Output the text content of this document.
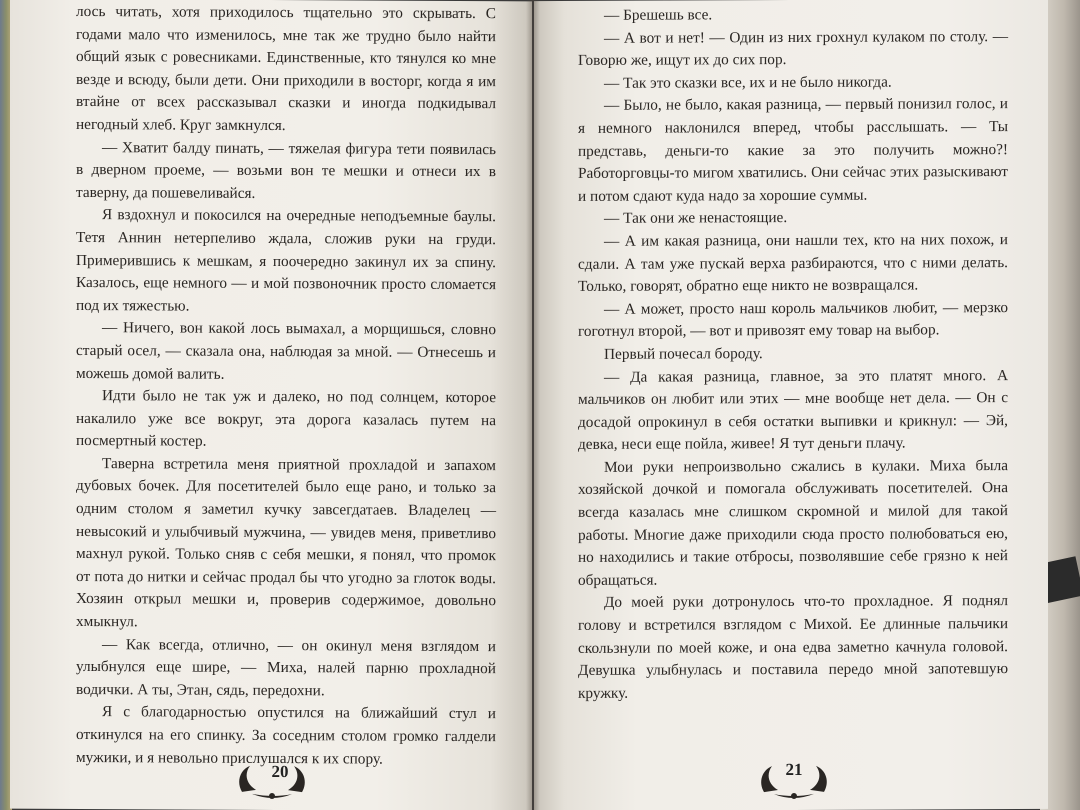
лось читать, хотя приходилось тщательно это скрывать. С годами мало что изменилось, мне так же трудно было найти общий язык с ровесниками. Единственные, кто тянулся ко мне везде и всюду, были дети. Они приходили в восторг, когда я им втайне от всех рассказывал сказки и иногда подкидывал негодный хлеб. Круг замкнулся.

— Хватит балду пинать, — тяжелая фигура тети появилась в дверном проеме, — возьми вон те мешки и отнеси их в таверну, да пошевеливайся.

Я вздохнул и покосился на очередные неподъемные баулы. Тетя Аннин нетерпеливо ждала, сложив руки на груди. Примерившись к мешкам, я поочередно закинул их за спину. Казалось, еще немного — и мой позвоночник просто сломается под их тяжестью.

— Ничего, вон какой лось вымахал, а морщишься, словно старый осел, — сказала она, наблюдая за мной. — Отнесешь и можешь домой валить.

Идти было не так уж и далеко, но под солнцем, которое накалило уже все вокруг, эта дорога казалась путем на посмертный костер.

Таверна встретила меня приятной прохладой и запахом дубовых бочек. Для посетителей было еще рано, и только за одним столом я заметил кучку завсегдатаев. Владелец — невысокий и улыбчивый мужчина, — увидев меня, приветливо махнул рукой. Только сняв с себя мешки, я понял, что промок от пота до нитки и сейчас продал бы что угодно за глоток воды. Хозяин открыл мешки и, проверив содержимое, довольно хмыкнул.

— Как всегда, отлично, — он окинул меня взглядом и улыбнулся еще шире, — Миха, налей парню прохладной водички. А ты, Этан, сядь, передохни.

Я с благодарностью опустился на ближайший стул и откинулся на его спинку. За соседним столом громко галдели мужики, и я невольно прислушался к их спору.

20

— Брешешь все.

— А вот и нет! — Один из них грохнул кулаком по столу. — Говорю же, ищут их до сих пор.

— Так это сказки все, их и не было никогда.

— Было, не было, какая разница, — первый понизил голос, и я немного наклонился вперед, чтобы расслышать. — Ты представь, деньги-то какие за это получить можно?! Работорговцы-то мигом хватились. Они сейчас этих разыскивают и потом сдают куда надо за хорошие суммы.

— Так они же ненастоящие.

— А им какая разница, они нашли тех, кто на них похож, и сдали. А там уже пускай верха разбираются, что с ними делать. Только, говорят, обратно еще никто не возвращался.

— А может, просто наш король мальчиков любит, — мерзко гоготнул второй, — вот и привозят ему товар на выбор.

Первый почесал бороду.

— Да какая разница, главное, за это платят много. А мальчиков он любит или этих — мне вообще нет дела. — Он с досадой опрокинул в себя остатки выпивки и крикнул: — Эй, девка, неси еще пойла, живее! Я тут деньги плачу.

Мои руки непроизвольно сжались в кулаки. Миха была хозяйской дочкой и помогала обслуживать посетителей. Она всегда казалась мне слишком скромной и милой для такой работы. Многие даже приходили сюда просто полюбоваться ею, но находились и такие отбросы, позволявшие себе грязно к ней обращаться.

До моей руки дотронулось что-то прохладное. Я поднял голову и встретился взглядом с Михой. Ее длинные пальчики скользнули по моей коже, и она едва заметно качнула головой. Девушка улыбнулась и поставила передо мной запотевшую кружку.

21
